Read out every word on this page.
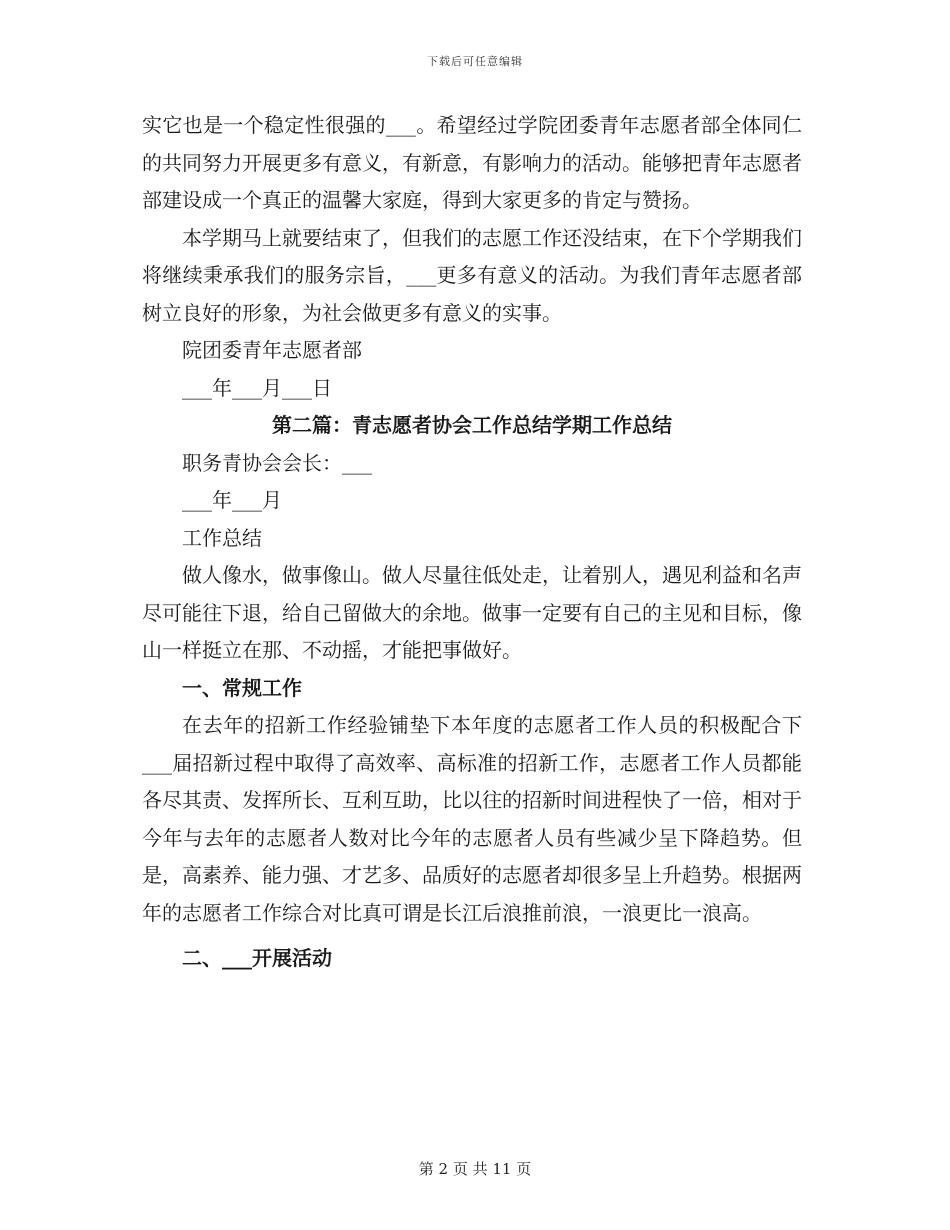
下载后可任意编辑

实它也是一个稳定性很强的___。希望经过学院团委青年志愿者部全体同仁的共同努力开展更多有意义，有新意，有影响力的活动。能够把青年志愿者部建设成一个真正的温馨大家庭，得到大家更多的肯定与赞扬。

本学期马上就要结束了，但我们的志愿工作还没结束，在下个学期我们将继续秉承我们的服务宗旨，___更多有意义的活动。为我们青年志愿者部树立良好的形象，为社会做更多有意义的实事。

院团委青年志愿者部

___年___月___日

第二篇：青志愿者协会工作总结学期工作总结

职务青协会会长：___

___年___月

工作总结

做人像水，做事像山。做人尽量往低处走，让着别人，遇见利益和名声尽可能往下退，给自己留做大的余地。做事一定要有自己的主见和目标，像山一样挺立在那、不动摇，才能把事做好。

一、常规工作

在去年的招新工作经验铺垫下本年度的志愿者工作人员的积极配合下___届招新过程中取得了高效率、高标准的招新工作，志愿者工作人员都能各尽其责、发挥所长、互利互助，比以往的招新时间进程快了一倍，相对于今年与去年的志愿者人数对比今年的志愿者人员有些减少呈下降趋势。但是，高素养、能力强、才艺多、品质好的志愿者却很多呈上升趋势。根据两年的志愿者工作综合对比真可谓是长江后浪推前浪，一浪更比一浪高。

二、___开展活动

第 2 页 共 11 页
